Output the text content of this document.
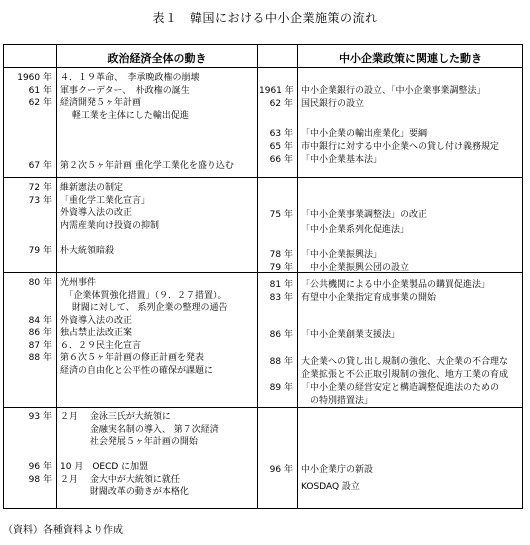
表１　韓国における中小企業施策の流れ
政治経済全体の動き	中小企業政策に関連した動き
1960 年 ４．１９革命、　李承晩政権の崩壊
61 年 軍事クーデター、　朴政権の誕生
62 年 経済開発５ヶ年計画
　 軽工業を主体にした輸出促進
67 年 第２次５ヶ年計画 重化学工業化を盛り込む
72 年 維新憲法の制定
73 年 「重化学工業化宣言」
外資導入法の改正
内需産業向け投資の抑制
79 年 朴大統領暗殺
80 年 光州事件
　「企業体質強化措置」（９．２７措置）。
　 財閥に対して、 系列企業の整理の通告
84 年 外資導入法の改正
86 年 独占禁止法改正案
87 年 ６．２９民主化宣言
88 年 第６次５ヶ年計画の修正計画を発表
経済の自由化と公平性の確保が課題に
93 年 ２月　 金泳三氏が大統領に
　　　 金融実名制の導入、 第７次経済
　　　 社会発展５ヶ年計画の開始
96 年 10 月　OECD に加盟
98 年 ２月　 金大中が大統領に就任
　　　 財閥改革の動きが本格化
1961 年 中小企業銀行の設立、「中小企業事業調整法」
62 年 国民銀行の設立
63 年 「中小企業の輸出産業化」要綱
65 年 市中銀行に対する中小企業への貸し付け義務規定
66 年 「中小企業基本法」
75 年 「中小企業事業調整法」の改正
「中小企業系列化促進法」
78 年 「中小企業振興法」
79 年 　中小企業振興公団の設立
81 年 「公共機関による中小企業製品の購買促進法」
83 年 有望中小企業指定育成事業の開始
86 年 「中小企業創業支援法」
88 年 大企業への貸し出し規制の強化、大企業の不合理な
企業拡張と不公正取引規制の強化、地方工業の育成
89 年 「中小企業の経営安定と構造調整促進法のための
　の特別措置法」
96 年 中小企業庁の新設
KOSDAQ 設立
（資料）各種資料より作成
